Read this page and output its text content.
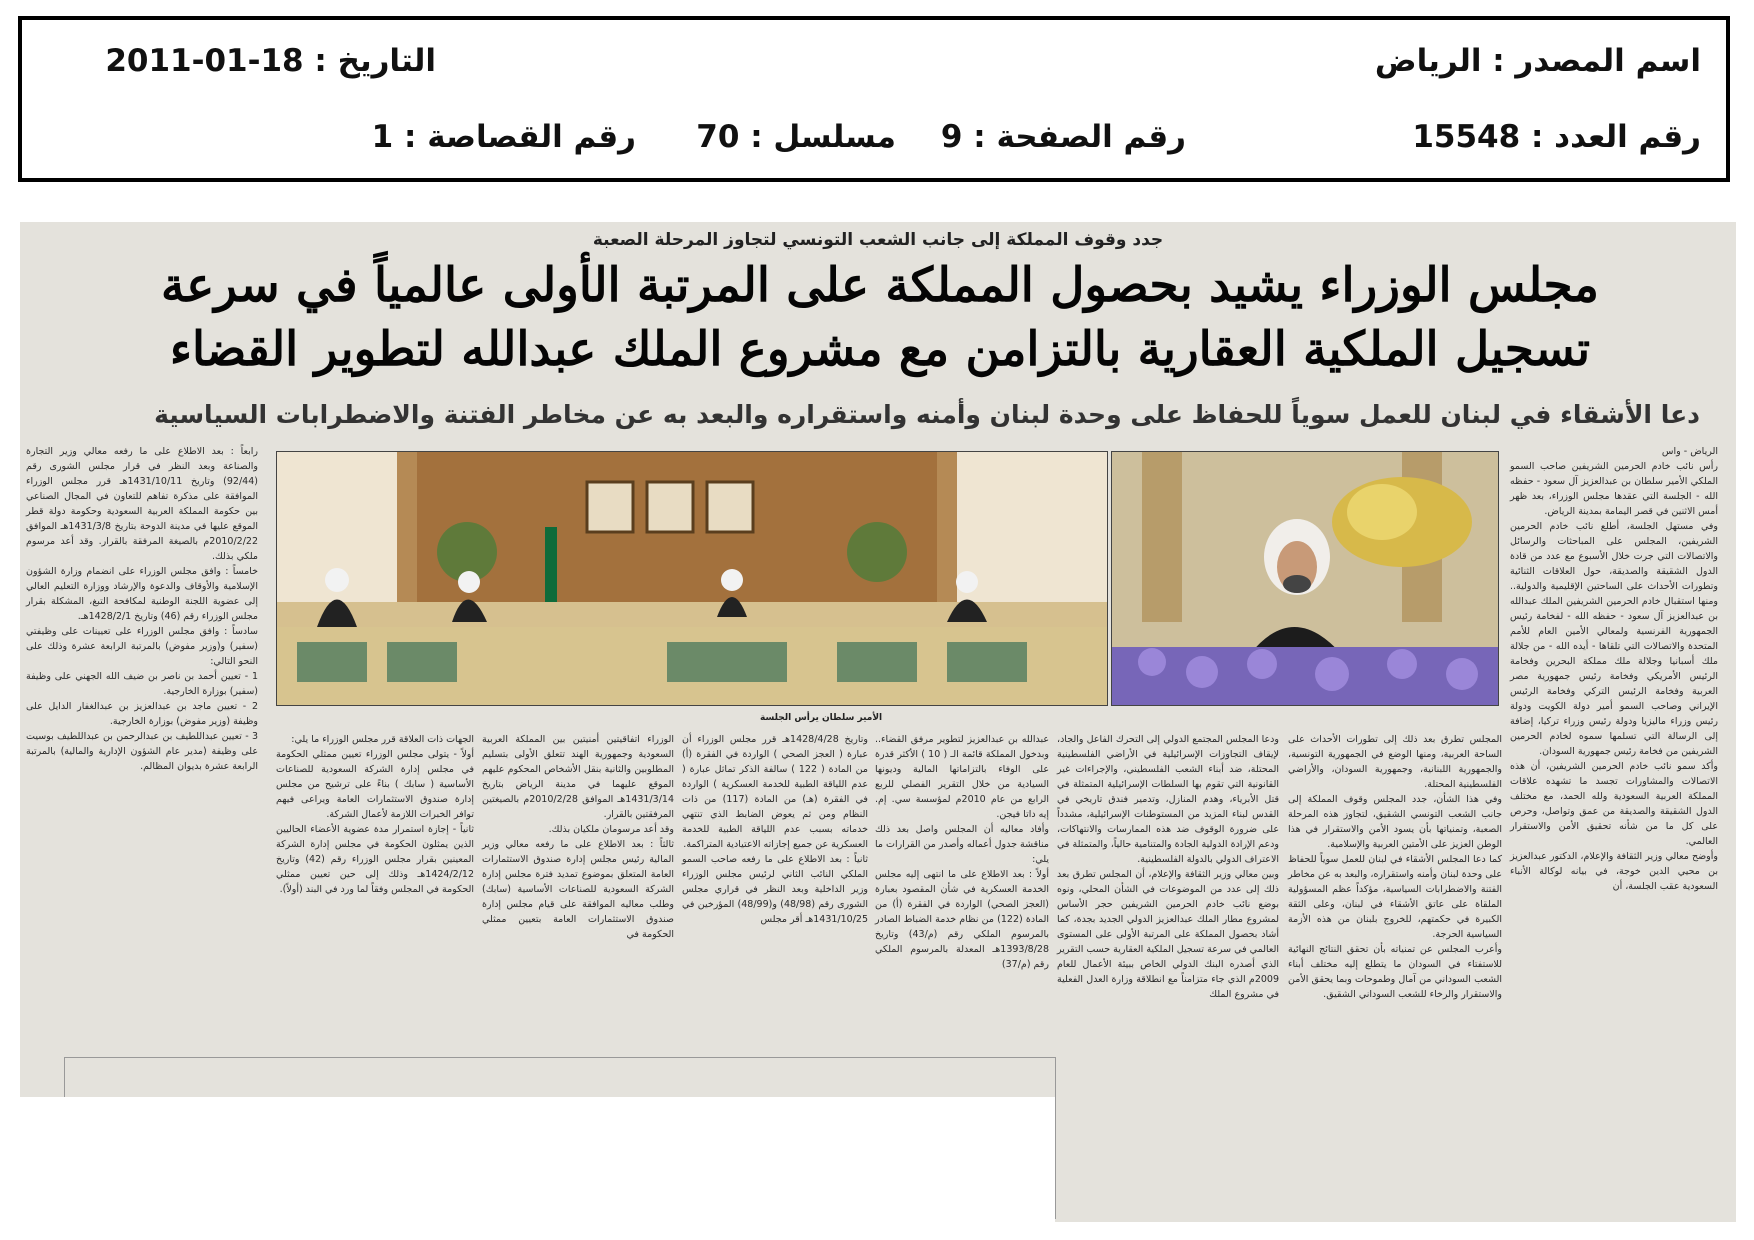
اسم المصدر : الرياض
التاريخ : 18-01-2011
رقم العدد : 15548
رقم الصفحة : 9
مسلسل : 70
رقم القصاصة : 1
جدد وقوف المملكة إلى جانب الشعب التونسي لتجاوز المرحلة الصعبة
مجلس الوزراء يشيد بحصول المملكة على المرتبة الأولى عالمياً في سرعة
تسجيل الملكية العقارية بالتزامن مع مشروع الملك عبدالله لتطوير القضاء
دعا الأشقاء في لبنان للعمل سوياً للحفاظ على وحدة لبنان وأمنه واستقراره والبعد به عن مخاطر الفتنة والاضطرابات السياسية
الرياض - واس
رأس نائب خادم الحرمين الشريفين صاحب السمو الملكي الأمير سلطان بن عبدالعزيز آل سعود - حفظه الله - الجلسة التي عقدها مجلس الوزراء، بعد ظهر أمس الاثنين في قصر اليمامة بمدينة الرياض.
وفي مستهل الجلسة، أطلع نائب خادم الحرمين الشريفين، المجلس على المباحثات والرسائل والاتصالات التي جرت خلال الأسبوع مع عدد من قادة الدول الشقيقة والصديقة، حول العلاقات الثنائية وتطورات الأحداث على الساحتين الإقليمية والدولية.. ومنها استقبال خادم الحرمين الشريفين الملك عبدالله بن عبدالعزيز آل سعود - حفظه الله - لفخامة رئيس الجمهورية الفرنسية ولمعالي الأمين العام للأمم المتحدة والاتصالات التي تلقاها - أيده الله - من جلالة ملك أسبانيا وجلالة ملك مملكة البحرين وفخامة الرئيس الأمريكي وفخامة رئيس جمهورية مصر العربية وفخامة الرئيس التركي وفخامة الرئيس الإيراني وصاحب السمو أمير دولة الكويت ودولة رئيس وزراء ماليزيا ودولة رئيس وزراء تركيا، إضافة إلى الرسالة التي تسلمها سموه لخادم الحرمين الشريفين من فخامة رئيس جمهورية السودان.
وأكد سمو نائب خادم الحرمين الشريفين، أن هذه الاتصالات والمشاورات تجسد ما تشهده علاقات المملكة العربية السعودية ولله الحمد، مع مختلف الدول الشقيقة والصديقة من عمق وتواصل، وحرص على كل ما من شأنه تحقيق الأمن والاستقرار العالمي.
وأوضح معالي وزير الثقافة والإعلام، الدكتور عبدالعزيز بن محيي الدين خوجة، في بيانه لوكالة الأنباء السعودية عقب الجلسة، أن
رابعاً : بعد الاطلاع على ما رفعه معالي وزير التجارة والصناعة وبعد النظر في قرار مجلس الشورى رقم (92/44) وتاريخ 1431/10/11هـ قرر مجلس الوزراء الموافقة على مذكرة تفاهم للتعاون في المجال الصناعي بين حكومة المملكة العربية السعودية وحكومة دولة قطر الموقع عليها في مدينة الدوحة بتاريخ 1431/3/8هـ الموافق 2010/2/22م بالصيغة المرفقة بالقرار. وقد أعد مرسوم ملكي بذلك.
خامساً : وافق مجلس الوزراء على انضمام وزارة الشؤون الإسلامية والأوقاف والدعوة والإرشاد ووزارة التعليم العالي إلى عضوية اللجنة الوطنية لمكافحة التبغ، المشكلة بقرار مجلس الوزراء رقم (46) وتاريخ 1428/2/1هـ.
سادساً : وافق مجلس الوزراء على تعيينات على وظيفتي (سفير) و(وزير مفوض) بالمرتبة الرابعة عشرة وذلك على النحو التالي:
1 - تعيين أحمد بن ناصر بن ضيف الله الجهني على وظيفة (سفير) بوزارة الخارجية.
2 - تعيين ماجد بن عبدالعزيز بن عبدالغفار الدايل على وظيفة (وزير مفوض) بوزارة الخارجية.
3 - تعيين عبداللطيف بن عبدالرحمن بن عبداللطيف بوسيت على وظيفة (مدير عام الشؤون الإدارية والمالية) بالمرتبة الرابعة عشرة بديوان المظالم.
الأمير سلطان يرأس الجلسة
المجلس تطرق بعد ذلك إلى تطورات الأحداث على الساحة العربية، ومنها الوضع في الجمهورية التونسية، والجمهورية اللبنانية، وجمهورية السودان، والأراضي الفلسطينية المحتلة.
وفي هذا الشأن، جدد المجلس وقوف المملكة إلى جانب الشعب التونسي الشقيق، لتجاوز هذه المرحلة الصعبة، وتمنياتها بأن يسود الأمن والاستقرار في هذا الوطن العزيز على الأمتين العربية والإسلامية.
كما دعا المجلس الأشقاء في لبنان للعمل سوياً للحفاظ على وحدة لبنان وأمنه واستقراره، والبعد به عن مخاطر الفتنة والاضطرابات السياسية، مؤكداً عظم المسؤولية الملقاة على عاتق الأشقاء في لبنان، وعلى الثقة الكبيرة في حكمتهم، للخروج بلبنان من هذه الأزمة السياسية الحرجة.
وأعرب المجلس عن تمنياته بأن تحقق النتائج النهائية للاستفتاء في السودان ما يتطلع إليه مختلف أبناء الشعب السوداني من آمال وطموحات وبما يحقق الأمن والاستقرار والرخاء للشعب السوداني الشقيق.
ودعا المجلس المجتمع الدولي إلى التحرك الفاعل والجاد، لإيقاف التجاوزات الإسرائيلية في الأراضي الفلسطينية المحتلة، ضد أبناء الشعب الفلسطيني، والإجراءات غير القانونية التي تقوم بها السلطات الإسرائيلية المتمثلة في قتل الأبرياء، وهدم المنازل، وتدمير فندق تاريخي في القدس لبناء المزيد من المستوطنات الإسرائيلية، مشدداً على ضرورة الوقوف ضد هذه الممارسات والانتهاكات، ودعم الإرادة الدولية الجادة والمتنامية حالياً، والمتمثلة في الاعتراف الدولي بالدولة الفلسطينية.
وبين معالي وزير الثقافة والإعلام، أن المجلس تطرق بعد ذلك إلى عدد من الموضوعات في الشأن المحلي، ونوه بوضع نائب خادم الحرمين الشريفين حجر الأساس لمشروع مطار الملك عبدالعزيز الدولي الجديد بجدة، كما أشاد بحصول المملكة على المرتبة الأولى على المستوى العالمي في سرعة تسجيل الملكية العقارية حسب التقرير الذي أصدره البنك الدولي الخاص ببيئة الأعمال للعام 2009م الذي جاء متزامناً مع انطلاقة وزارة العدل الفعلية في مشروع الملك
عبدالله بن عبدالعزيز لتطوير مرفق القضاء.. وبدخول المملكة قائمة الـ ( 10 ) الأكثر قدرة على الوفاء بالتزاماتها المالية وديونها السيادية من خلال التقرير الفصلي للربع الرابع من عام 2010م لمؤسسة سي. إم. إيه داتا فيجن.
وأفاد معاليه أن المجلس واصل بعد ذلك مناقشة جدول أعماله وأصدر من القرارات ما يلي:
أولاً : بعد الاطلاع على ما انتهى إليه مجلس الخدمة العسكرية في شأن المقصود بعبارة (العجز الصحي) الواردة في الفقرة (أ) من المادة (122) من نظام خدمة الضباط الصادر بالمرسوم الملكي رقم (م/43) وتاريخ 1393/8/28هـ المعدلة بالمرسوم الملكي رقم (م/37)
وتاريخ 1428/4/28هـ قرر مجلس الوزراء أن عبارة ( العجز الصحي ) الواردة في الفقرة (أ) من المادة ( 122 ) سالفة الذكر تماثل عبارة ( عدم اللياقة الطبية للخدمة العسكرية ) الواردة في الفقرة (هـ) من المادة (117) من ذات النظام ومن ثم يعوض الضابط الذي تنتهي خدماته بسبب عدم اللياقة الطبية للخدمة العسكرية عن جميع إجازاته الاعتيادية المتراكمة.
ثانياً : بعد الاطلاع على ما رفعه صاحب السمو الملكي النائب الثاني لرئيس مجلس الوزراء وزير الداخلية وبعد النظر في قراري مجلس الشورى رقم (48/98) و(48/99) المؤرخين في 1431/10/25هـ أقر مجلس
الوزراء اتفاقيتين أمنيتين بين المملكة العربية السعودية وجمهورية الهند تتعلق الأولى بتسليم المطلوبين والثانية بنقل الأشخاص المحكوم عليهم الموقع عليهما في مدينة الرياض بتاريخ 1431/3/14هـ الموافق 2010/2/28م بالصيغتين المرفقتين بالقرار.
وقد أعد مرسومان ملكيان بذلك.
ثالثاً : بعد الاطلاع على ما رفعه معالي وزير المالية رئيس مجلس إدارة صندوق الاستثمارات العامة المتعلق بموضوع تمديد فترة مجلس إدارة الشركة السعودية للصناعات الأساسية (سابك) وطلب معاليه الموافقة على قيام مجلس إدارة صندوق الاستثمارات العامة بتعيين ممثلي الحكومة في
الجهات ذات العلاقة قرر مجلس الوزراء ما يلي:
أولاً - يتولى مجلس الوزراء تعيين ممثلي الحكومة في مجلس إدارة الشركة السعودية للصناعات الأساسية ( سابك ) بناءً على ترشيح من مجلس إدارة صندوق الاستثمارات العامة ويراعى فيهم توافر الخبرات اللازمة لأعمال الشركة.
ثانياً - إجازة استمرار مدة عضوية الأعضاء الحاليين الذين يمثلون الحكومة في مجلس إدارة الشركة المعينين بقرار مجلس الوزراء رقم (42) وتاريخ 1424/2/12هـ وذلك إلى حين تعيين ممثلي الحكومة في المجلس وفقاً لما ورد في البند (أولاً).
